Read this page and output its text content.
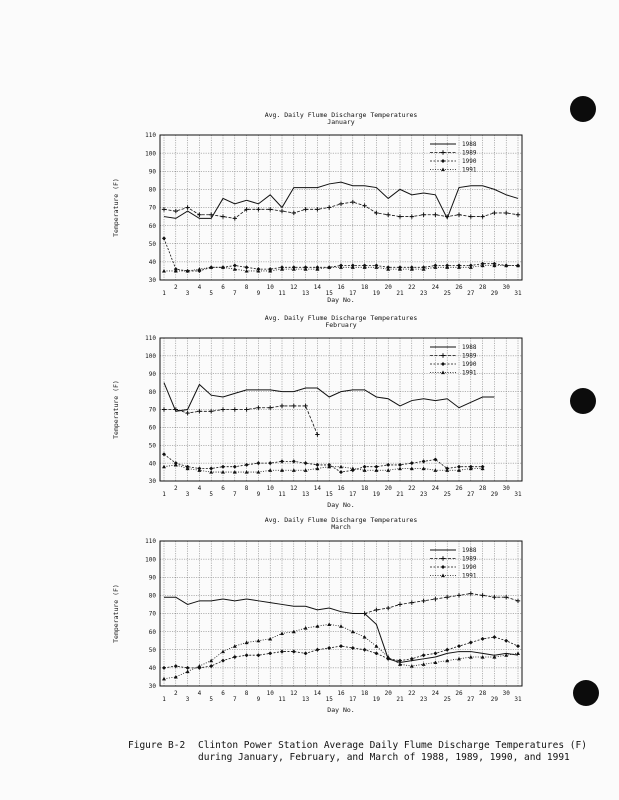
Avg. Daily Flume Discharge Temperatures
January
30
40
50
60
70
80
90
100
110
2	4	6	8	10	12	14	16	18	20	22	24	26	28	30
1	3	5	7	9	11	13	15	17	19	21	23	25	27	29	31
Day No.
Temperature (F)
1988
1989
1990
1991
Avg. Daily Flume Discharge Temperatures
February
30
40
50
60
70
80
90
100
110
2	4	6	8	10	12	14	16	18	20	22	24	26	28	30
1	3	5	7	9	11	13	15	17	19	21	23	25	27	29	31
Day No.
Temperature (F)
1988
1989
1990
1991
Avg. Daily Flume Discharge Temperatures
March
30
40
50
60
70
80
90
100
110
2	4	6	8	10	12	14	16	18	20	22	24	26	28	30
1	3	5	7	9	11	13	15	17	19	21	23	25	27	29	31
Day No.
Temperature (F)
1988
1989
1990
1991
Figure B-2 Clinton Power Station Average Daily Flume Discharge Temperatures (F) during January, February, and March of 1988, 1989, 1990, and 1991
